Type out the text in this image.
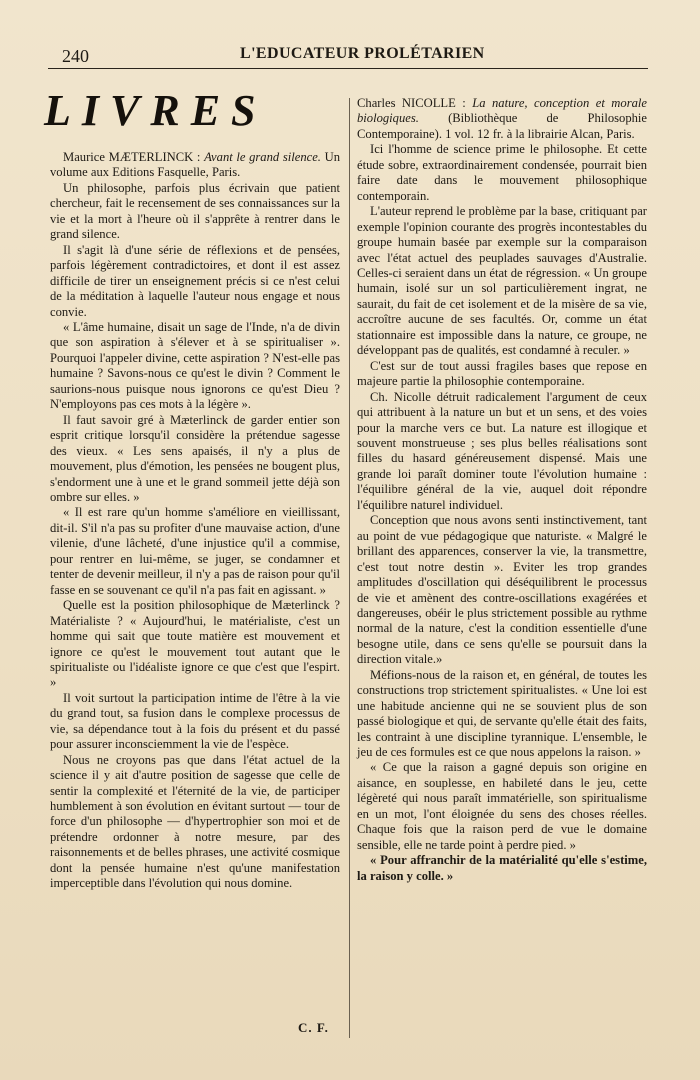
240	L'EDUCATEUR PROLÉTARIEN
LIVRES

Maurice MÆTERLINCK : Avant le grand silence. Un volume aux Editions Fasquelle, Paris.

Un philosophe, parfois plus écrivain que patient chercheur, fait le recensement de ses connaissances sur la vie et la mort à l'heure où il s'apprête à rentrer dans le grand silence.

Il s'agit là d'une série de réflexions et de pensées, parfois légèrement contradictoires, et dont il est assez difficile de tirer un enseignement précis si ce n'est celui de la méditation à laquelle l'auteur nous engage et nous convie.

« L'âme humaine, disait un sage de l'Inde, n'a de divin que son aspiration à s'élever et à se spiritualiser ». Pourquoi l'appeler divine, cette aspiration ? N'est-elle pas humaine ? Savons-nous ce qu'est le divin ? Comment le saurions-nous puisque nous ignorons ce qu'est Dieu ? N'employons pas ces mots à la légère ».

Il faut savoir gré à Mæterlinck de garder entier son esprit critique lorsqu'il considère la prétendue sagesse des vieux. « Les sens apaisés, il n'y a plus de mouvement, plus d'émotion, les pensées ne bougent plus, s'endorment une à une et le grand sommeil jette déjà son ombre sur elles. »

« Il est rare qu'un homme s'améliore en vieillissant, dit-il. S'il n'a pas su profiter d'une mauvaise action, d'une vilenie, d'une lâcheté, d'une injustice qu'il a commise, pour rentrer en lui-même, se juger, se condamner et tenter de devenir meilleur, il n'y a pas de raison pour qu'il fasse en se souvenant ce qu'il n'a pas fait en agissant. »

Quelle est la position philosophique de Mæterlinck ? Matérialiste ? « Aujourd'hui, le matérialiste, c'est un homme qui sait que toute matière est mouvement et ignore ce qu'est le mouvement tout autant que le spiritualiste ou l'idéaliste ignore ce que c'est que l'espirt. »

Il voit surtout la participation intime de l'être à la vie du grand tout, sa fusion dans le complexe processus de vie, sa dépendance tout à la fois du présent et du passé pour assurer inconsciemment la vie de l'espèce.

Nous ne croyons pas que dans l'état actuel de la science il y ait d'autre position de sagesse que celle de sentir la complexité et l'éternité de la vie, de participer humblement à son évolution en évitant surtout — tour de force d'un philosophe — d'hypertrophier son moi et de prétendre ordonner à notre mesure, par des raisonnements et de belles phrases, une activité cosmique dont la pensée humaine n'est qu'une manifestation imperceptible dans l'évolution qui nous domine.

C. F.

Charles NICOLLE : La nature, conception et morale biologiques. (Bibliothèque de Philosophie Contemporaine). 1 vol. 12 fr. à la librairie Alcan, Paris.

Ici l'homme de science prime le philosophe. Et cette étude sobre, extraordinairement condensée, pourrait bien faire date dans le mouvement philosophique contemporain.

L'auteur reprend le problème par la base, critiquant par exemple l'opinion courante des progrès incontestables du groupe humain basée par exemple sur la comparaison avec l'état actuel des peuplades sauvages d'Australie. Celles-ci seraient dans un état de régression. « Un groupe humain, isolé sur un sol particulièrement ingrat, ne saurait, du fait de cet isolement et de la misère de sa vie, accroître aucune de ses facultés. Or, comme un état stationnaire est impossible dans la nature, ce groupe, ne développant pas de qualités, est condamné à reculer. »

C'est sur de tout aussi fragiles bases que repose en majeure partie la philosophie contemporaine.

Ch. Nicolle détruit radicalement l'argument de ceux qui attribuent à la nature un but et un sens, et des voies pour la marche vers ce but. La nature est illogique et souvent monstrueuse ; ses plus belles réalisations sont filles du hasard généreusement dispensé. Mais une grande loi paraît dominer toute l'évolution humaine : l'équilibre général de la vie, auquel doit répondre l'équilibre naturel individuel.

Conception que nous avons senti instinctivement, tant au point de vue pédagogique que naturiste. « Malgré le brillant des apparences, conserver la vie, la transmettre, c'est tout notre destin ». Eviter les trop grandes amplitudes d'oscillation qui déséquilibrent le processus de vie et amènent des contre-oscillations exagérées et dangereuses, obéir le plus strictement possible au rythme normal de la nature, c'est la condition essentielle d'une besogne utile, dans ce sens qu'elle se poursuit dans la direction vitale.»

Méfions-nous de la raison et, en général, de toutes les constructions trop strictement spiritualistes. « Une loi est une habitude ancienne qui ne se souvient plus de son passé biologique et qui, de servante qu'elle était des faits, les contraint à une discipline tyrannique. L'ensemble, le jeu de ces formules est ce que nous appelons la raison. »

« Ce que la raison a gagné depuis son origine en aisance, en souplesse, en habileté dans le jeu, cette légèreté qui nous paraît immatérielle, son spiritualisme en un mot, l'ont éloignée du sens des choses réelles. Chaque fois que la raison perd de vue le domaine sensible, elle ne tarde point à perdre pied. »

« Pour affranchir de la matérialité qu'elle s'estime, la raison y colle. »
